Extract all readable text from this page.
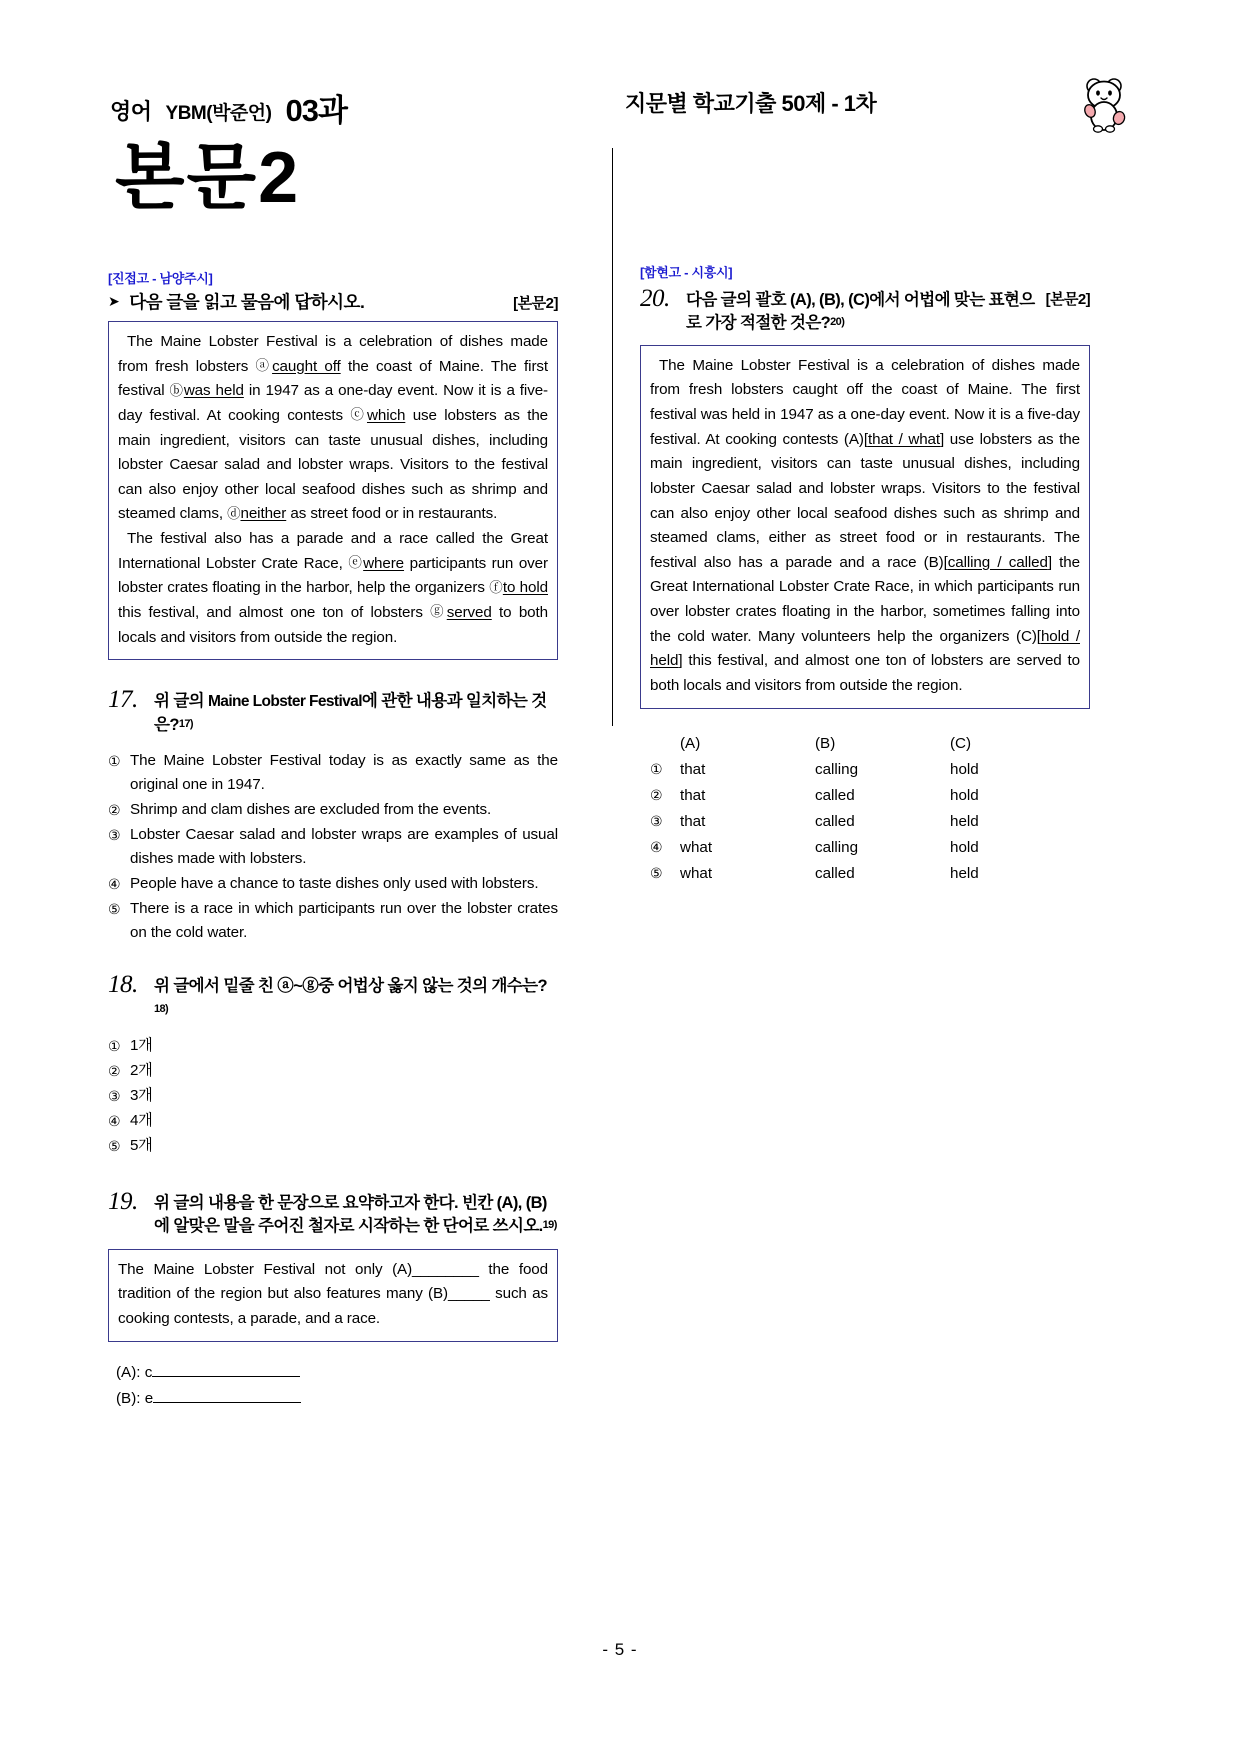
영어 YBM(박준언) 03과	지문별 학교기출 50제 - 1차
본문2
[진접고 - 남양주시]
➤ 다음 글을 읽고 물음에 답하시오.	[본문2]

The Maine Lobster Festival is a celebration of dishes made from fresh lobsters ⓐcaught off the coast of Maine. The first festival ⓑwas held in 1947 as a one-day event. Now it is a five-day festival. At cooking contests ⓒwhich use lobsters as the main ingredient, visitors can taste unusual dishes, including lobster Caesar salad and lobster wraps. Visitors to the festival can also enjoy other local seafood dishes such as shrimp and steamed clams, ⓓneither as street food or in restaurants.

The festival also has a parade and a race called the Great International Lobster Crate Race, ⓔwhere participants run over lobster crates floating in the harbor, help the organizers ⓕto hold this festival, and almost one ton of lobsters ⓖserved to both locals and visitors from outside the region.

17. 위 글의 Maine Lobster Festival에 관한 내용과 일치하는 것은?17)
① The Maine Lobster Festival today is as exactly same as the original one in 1947.
② Shrimp and clam dishes are excluded from the events.
③ Lobster Caesar salad and lobster wraps are examples of usual dishes made with lobsters.
④ People have a chance to taste dishes only used with lobsters.
⑤ There is a race in which participants run over the lobster crates on the cold water.
18. 위 글에서 밑줄 친 ⓐ~ⓖ중 어법상 옳지 않는 것의 개수는?18)
① 1개
② 2개
③ 3개
④ 4개
⑤ 5개
19. 위 글의 내용을 한 문장으로 요약하고자 한다. 빈칸 (A), (B)에 알맞은 말을 주어진 철자로 시작하는 한 단어로 쓰시오.19)

The Maine Lobster Festival not only (A)________ the food tradition of the region but also features many (B)_____ such as cooking contests, a parade, and a race.

(A): c
(B): e
[함현고 - 시흥시]
20.	[본문2]
다음 글의 괄호 (A), (B), (C)에서 어법에 맞는 표현으로 가장 적절한 것은?20)

The Maine Lobster Festival is a celebration of dishes made from fresh lobsters caught off the coast of Maine. The first festival was held in 1947 as a one-day event. Now it is a five-day festival. At cooking contests (A)[that / what] use lobsters as the main ingredient, visitors can taste unusual dishes, including lobster Caesar salad and lobster wraps. Visitors to the festival can also enjoy other local seafood dishes such as shrimp and steamed clams, either as street food or in restaurants. The festival also has a parade and a race (B)[calling / called] the Great International Lobster Crate Race, in which participants run over lobster crates floating in the harbor, sometimes falling into the cold water. Many volunteers help the organizers (C)[hold / held] this festival, and almost one ton of lobsters are served to both locals and visitors from outside the region.

(A)	(B)	(C)
①	that	calling	hold
②	that	called	hold
③	that	called	held
④	what	calling	hold
⑤	what	called	held
- 5 -
